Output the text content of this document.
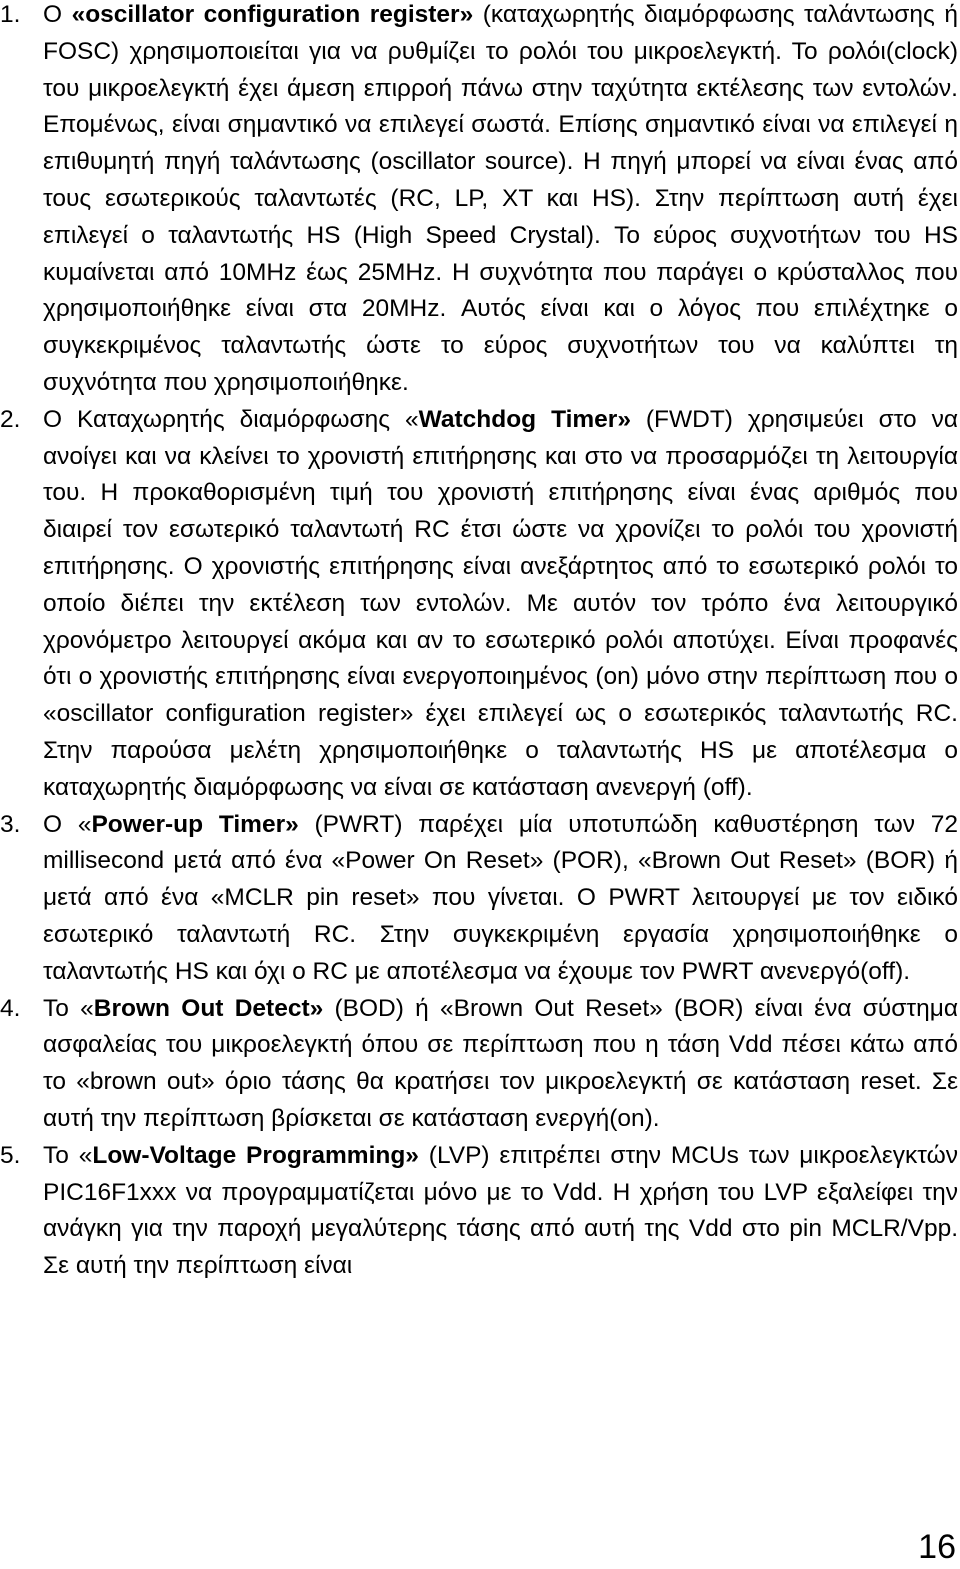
1. Ο «oscillator configuration register» (καταχωρητής διαμόρφωσης ταλάντωσης ή FOSC) χρησιμοποιείται για να ρυθμίζει το ρολόι του μικροελεγκτή. Το ρολόι(clock) του μικροελεγκτή έχει άμεση επιρροή πάνω στην ταχύτητα εκτέλεσης των εντολών. Επομένως, είναι σημαντικό να επιλεγεί σωστά. Επίσης σημαντικό είναι να επιλεγεί η επιθυμητή πηγή ταλάντωσης (oscillator source). Η πηγή μπορεί να είναι ένας από τους εσωτερικούς ταλαντωτές (RC, LP, XT και HS). Στην περίπτωση αυτή έχει επιλεγεί ο ταλαντωτής HS (High Speed Crystal). Το εύρος συχνοτήτων του HS κυμαίνεται από 10MHz έως 25MHz. Η συχνότητα που παράγει ο κρύσταλλος που χρησιμοποιήθηκε είναι στα 20MHz. Αυτός είναι και ο λόγος που επιλέχτηκε ο συγκεκριμένος ταλαντωτής ώστε το εύρος συχνοτήτων του να καλύπτει τη συχνότητα που χρησιμοποιήθηκε.

2. Ο Καταχωρητής διαμόρφωσης «Watchdog Timer» (FWDT) χρησιμεύει στο να ανοίγει και να κλείνει το χρονιστή επιτήρησης και στο να προσαρμόζει τη λειτουργία του. Η προκαθορισμένη τιμή του χρονιστή επιτήρησης είναι ένας αριθμός που διαιρεί τον εσωτερικό ταλαντωτή RC έτσι ώστε να χρονίζει το ρολόι του χρονιστή επιτήρησης. Ο χρονιστής επιτήρησης είναι ανεξάρτητος από το εσωτερικό ρολόι το οποίο διέπει την εκτέλεση των εντολών. Με αυτόν τον τρόπο ένα λειτουργικό χρονόμετρο λειτουργεί ακόμα και αν το εσωτερικό ρολόι αποτύχει. Είναι προφανές ότι ο χρονιστής επιτήρησης είναι ενεργοποιημένος (on) μόνο στην περίπτωση που ο «oscillator configuration register» έχει επιλεγεί ως ο εσωτερικός ταλαντωτής RC. Στην παρούσα μελέτη χρησιμοποιήθηκε ο ταλαντωτής HS με αποτέλεσμα ο καταχωρητής διαμόρφωσης να είναι σε κατάσταση ανενεργή (off).

3. Ο «Power-up Timer» (PWRT) παρέχει μία υποτυπώδη καθυστέρηση των 72 millisecond μετά από ένα «Power On Reset» (POR), «Brown Out Reset» (BOR) ή μετά από ένα «MCLR pin reset» που γίνεται. Ο PWRT λειτουργεί με τον ειδικό εσωτερικό ταλαντωτή RC. Στην συγκεκριμένη εργασία χρησιμοποιήθηκε ο ταλαντωτής HS και όχι ο RC με αποτέλεσμα να έχουμε τον PWRT ανενεργό(off).

4. Το «Brown Out Detect» (BOD) ή «Brown Out Reset» (BOR) είναι ένα σύστημα ασφαλείας του μικροελεγκτή όπου σε περίπτωση που η τάση Vdd πέσει κάτω από το «brown out» όριο τάσης θα κρατήσει τον μικροελεγκτή σε κατάσταση reset. Σε αυτή την περίπτωση βρίσκεται σε κατάσταση ενεργή(on).

5. Το «Low-Voltage Programming» (LVP) επιτρέπει στην MCUs των μικροελεγκτών PIC16F1xxx να προγραμματίζεται μόνο με το Vdd. Η χρήση του LVP εξαλείφει την ανάγκη για την παροχή μεγαλύτερης τάσης από αυτή της Vdd στο pin MCLR/Vpp. Σε αυτή την περίπτωση είναι

16
